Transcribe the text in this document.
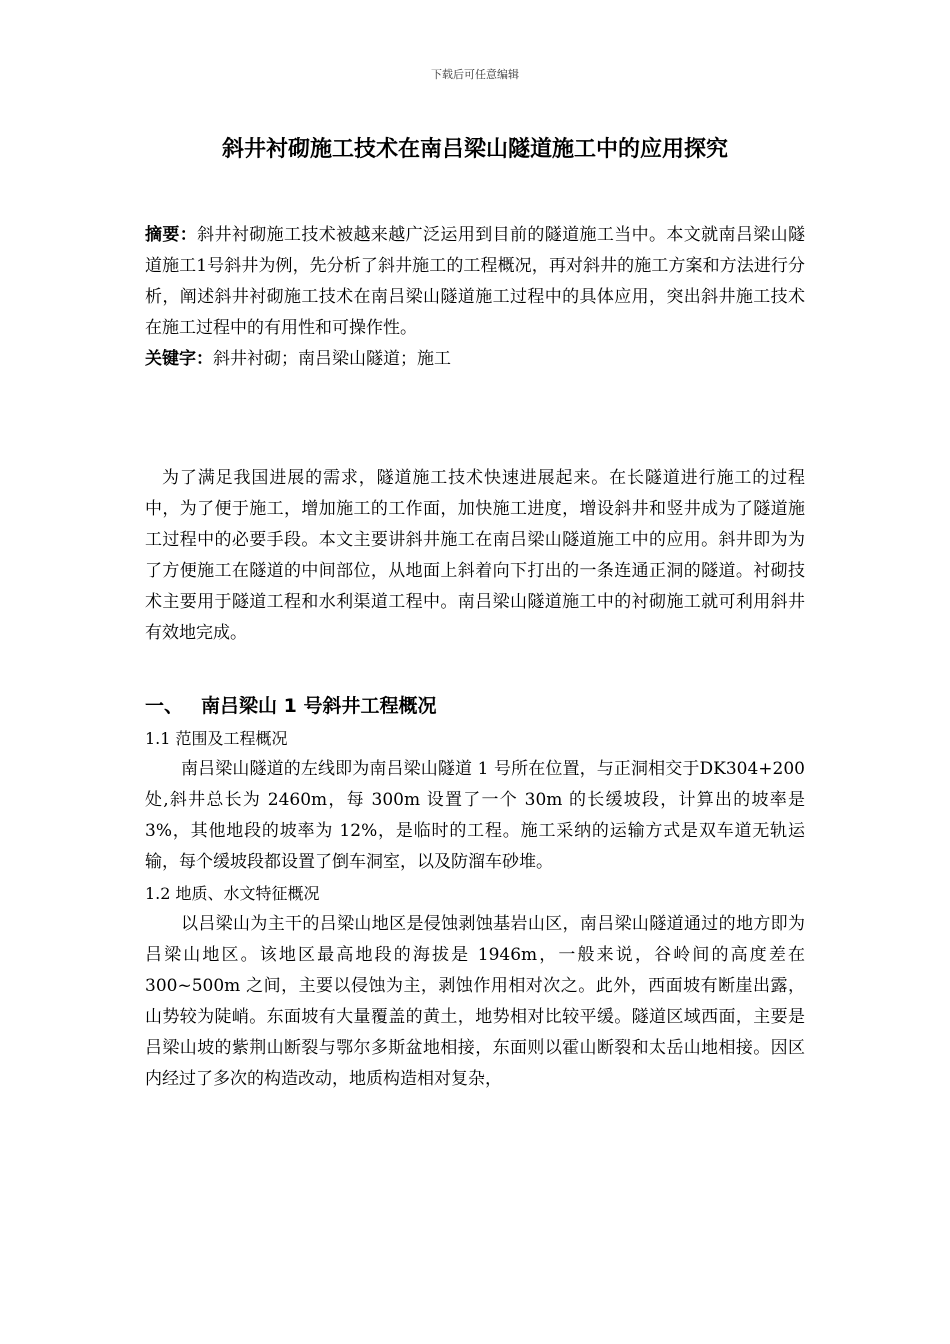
下载后可任意编辑
斜井衬砌施工技术在南吕梁山隧道施工中的应用探究

摘要：斜井衬砌施工技术被越来越广泛运用到目前的隧道施工当中。本文就南吕梁山隧道施工1号斜井为例，先分析了斜井施工的工程概况，再对斜井的施工方案和方法进行分析，阐述斜井衬砌施工技术在南吕梁山隧道施工过程中的具体应用，突出斜井施工技术在施工过程中的有用性和可操作性。

关键字：斜井衬砌；南吕梁山隧道；施工

为了满足我国进展的需求，隧道施工技术快速进展起来。在长隧道进行施工的过程中，为了便于施工，增加施工的工作面，加快施工进度，增设斜井和竖井成为了隧道施工过程中的必要手段。本文主要讲斜井施工在南吕梁山隧道施工中的应用。斜井即为为了方便施工在隧道的中间部位，从地面上斜着向下打出的一条连通正洞的隧道。衬砌技术主要用于隧道工程和水利渠道工程中。南吕梁山隧道施工中的衬砌施工就可利用斜井有效地完成。

一、 南吕梁山 1 号斜井工程概况

1.1 范围及工程概况

南吕梁山隧道的左线即为南吕梁山隧道 1 号所在位置，与正洞相交于DK304+200 处,斜井总长为 2460m，每 300m 设置了一个 30m 的长缓坡段，计算出的坡率是 3%，其他地段的坡率为 12%，是临时的工程。施工采纳的运输方式是双车道无轨运输，每个缓坡段都设置了倒车洞室，以及防溜车砂堆。

1.2 地质、水文特征概况

以吕梁山为主干的吕梁山地区是侵蚀剥蚀基岩山区，南吕梁山隧道通过的地方即为吕梁山地区。该地区最高地段的海拔是 1946m，一般来说，谷岭间的高度差在 300~500m 之间，主要以侵蚀为主，剥蚀作用相对次之。此外，西面坡有断崖出露，山势较为陡峭。东面坡有大量覆盖的黄土，地势相对比较平缓。隧道区域西面，主要是吕梁山坡的紫荆山断裂与鄂尔多斯盆地相接，东面则以霍山断裂和太岳山地相接。因区内经过了多次的构造改动，地质构造相对复杂，
